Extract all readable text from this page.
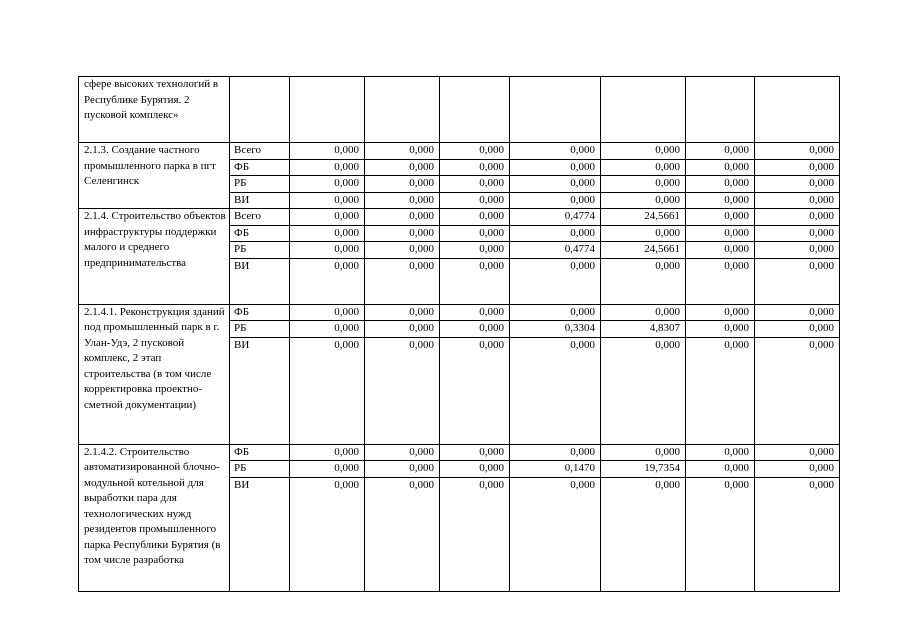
сфере высоких технологий в Республике Бурятия. 2 пусковой комплекс»								
2.1.3. Создание частного промышленного парка в пгт Селенгинск	Всего	0,000	0,000	0,000	0,000	0,000	0,000	0,000
	ФБ	0,000	0,000	0,000	0,000	0,000	0,000	0,000
	РБ	0,000	0,000	0,000	0,000	0,000	0,000	0,000
	ВИ	0,000	0,000	0,000	0,000	0,000	0,000	0,000
2.1.4. Строительство объектов инфраструктуры поддержки малого и среднего предпринимательства	Всего	0,000	0,000	0,000	0,4774	24,5661	0,000	0,000
	ФБ	0,000	0,000	0,000	0,000	0,000	0,000	0,000
	РБ	0,000	0,000	0,000	0,4774	24,5661	0,000	0,000
	ВИ	0,000	0,000	0,000	0,000	0,000	0,000	0,000
2.1.4.1. Реконструкция зданий под промышленный парк в г. Улан-Удэ, 2 пусковой комплекс, 2 этап строительства (в том числе корректировка проектно-сметной документации)	ФБ	0,000	0,000	0,000	0,000	0,000	0,000	0,000
	РБ	0,000	0,000	0,000	0,3304	4,8307	0,000	0,000
	ВИ	0,000	0,000	0,000	0,000	0,000	0,000	0,000
2.1.4.2. Строительство автоматизированной блочно-модульной котельной для выработки пара для технологических нужд резидентов промышленного парка Республики Бурятия (в том числе разработка	ФБ	0,000	0,000	0,000	0,000	0,000	0,000	0,000
	РБ	0,000	0,000	0,000	0,1470	19,7354	0,000	0,000
	ВИ	0,000	0,000	0,000	0,000	0,000	0,000	0,000
